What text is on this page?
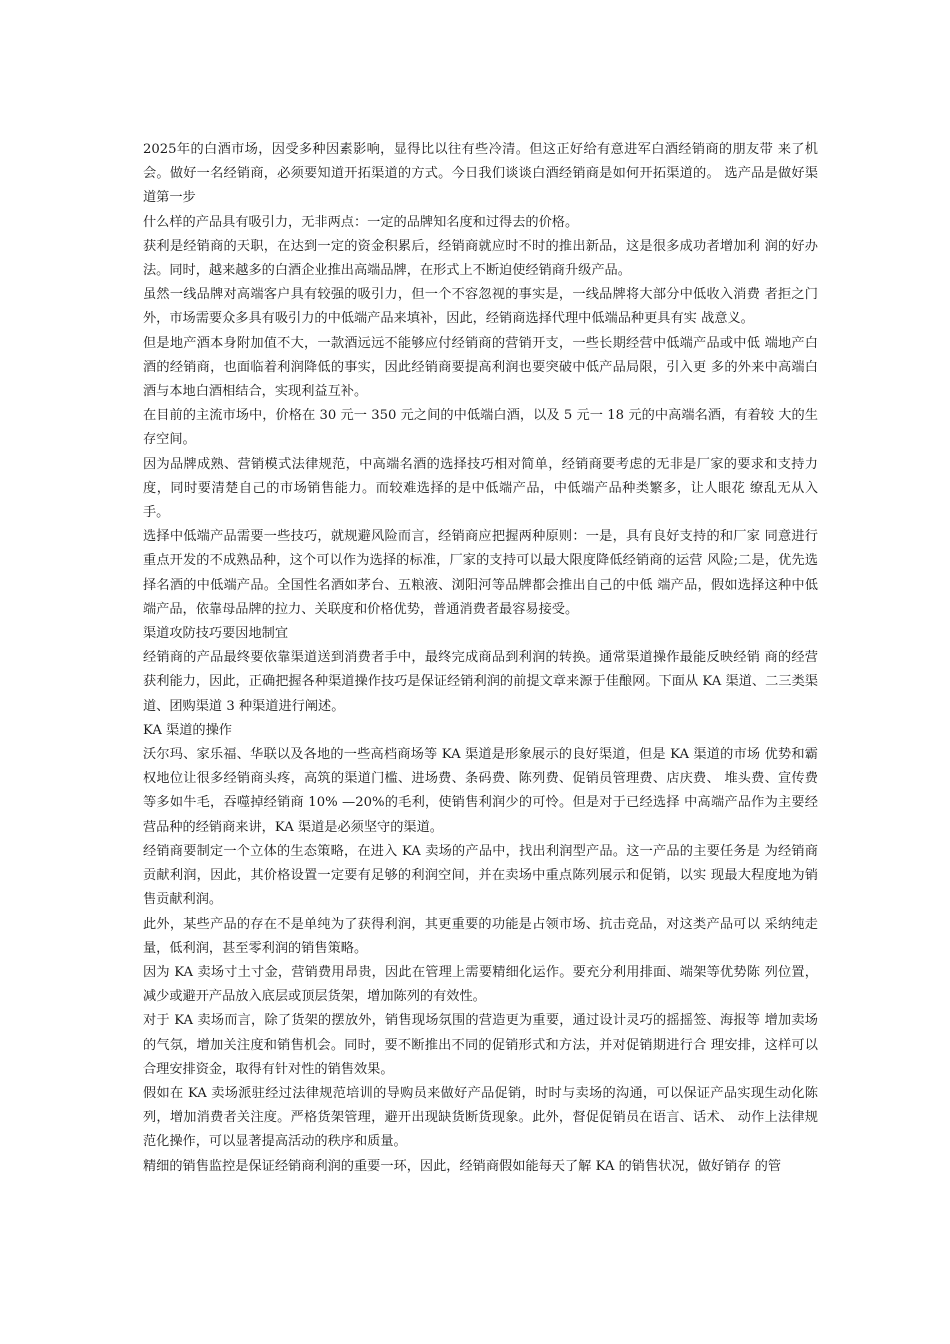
2025年的白酒市场，因受多种因素影响，显得比以往有些冷清。但这正好给有意进军白酒经销商的朋友带 来了机会。做好一名经销商，必须要知道开拓渠道的方式。今日我们谈谈白酒经销商是如何开拓渠道的。 选产品是做好渠道第一步

什么样的产品具有吸引力，无非两点：一定的品牌知名度和过得去的价格。

获利是经销商的天职，在达到一定的资金积累后，经销商就应时不时的推出新品，这是很多成功者增加利 润的好办法。同时，越来越多的白酒企业推出高端品牌，在形式上不断迫使经销商升级产品。

虽然一线品牌对高端客户具有较强的吸引力，但一个不容忽视的事实是，一线品牌将大部分中低收入消费 者拒之门外，市场需要众多具有吸引力的中低端产品来填补，因此，经销商选择代理中低端品种更具有实 战意义。

但是地产酒本身附加值不大，一款酒远远不能够应付经销商的营销开支，一些长期经营中低端产品或中低 端地产白酒的经销商，也面临着利润降低的事实，因此经销商要提高利润也要突破中低产品局限，引入更 多的外来中高端白酒与本地白酒相结合，实现利益互补。

在目前的主流市场中，价格在 30 元一 350 元之间的中低端白酒，以及 5 元一 18 元的中高端名酒，有着较 大的生存空间。

因为品牌成熟、营销模式法律规范，中高端名酒的选择技巧相对简单，经销商要考虑的无非是厂家的要求和支持力度，同时要清楚自己的市场销售能力。而较难选择的是中低端产品，中低端产品种类繁多，让人眼花 缭乱无从入手。

选择中低端产品需要一些技巧，就规避风险而言，经销商应把握两种原则：一是，具有良好支持的和厂家 同意进行重点开发的不成熟品种，这个可以作为选择的标准，厂家的支持可以最大限度降低经销商的运营 风险;二是，优先选择名酒的中低端产品。全国性名酒如茅台、五粮液、浏阳河等品牌都会推出自己的中低 端产品，假如选择这种中低端产品，依靠母品牌的拉力、关联度和价格优势，普通消费者最容易接受。

渠道攻防技巧要因地制宜

经销商的产品最终要依靠渠道送到消费者手中，最终完成商品到利润的转换。通常渠道操作最能反映经销 商的经营获利能力，因此，正确把握各种渠道操作技巧是保证经销利润的前提文章来源于佳酿网。下面从 KA 渠道、二三类渠道、团购渠道 3 种渠道进行阐述。

KA 渠道的操作

沃尔玛、家乐福、华联以及各地的一些高档商场等 KA 渠道是形象展示的良好渠道，但是 KA 渠道的市场 优势和霸权地位让很多经销商头疼，高筑的渠道门槛、进场费、条码费、陈列费、促销员管理费、店庆费、 堆头费、宣传费等多如牛毛，吞噬掉经销商 10% —20%的毛利，使销售利润少的可怜。但是对于已经选择 中高端产品作为主要经营品种的经销商来讲，KA 渠道是必须坚守的渠道。

经销商要制定一个立体的生态策略，在进入 KA 卖场的产品中，找出利润型产品。这一产品的主要任务是 为经销商贡献利润，因此，其价格设置一定要有足够的利润空间，并在卖场中重点陈列展示和促销，以实 现最大程度地为销售贡献利润。

此外，某些产品的存在不是单纯为了获得利润，其更重要的功能是占领市场、抗击竞品，对这类产品可以 采纳纯走量，低利润，甚至零利润的销售策略。

因为 KA 卖场寸土寸金，营销费用昂贵，因此在管理上需要精细化运作。要充分利用排面、端架等优势陈 列位置，减少或避开产品放入底层或顶层货架，增加陈列的有效性。

对于 KA 卖场而言，除了货架的摆放外，销售现场氛围的营造更为重要，通过设计灵巧的摇摇签、海报等 增加卖场的气氛，增加关注度和销售机会。同时，要不断推出不同的促销形式和方法，并对促销期进行合 理安排，这样可以合理安排资金，取得有针对性的销售效果。

假如在 KA 卖场派驻经过法律规范培训的导购员来做好产品促销，时时与卖场的沟通，可以保证产品实现生动化陈列，增加消费者关注度。严格货架管理，避开出现缺货断货现象。此外，督促促销员在语言、话术、 动作上法律规范化操作，可以显著提高活动的秩序和质量。

精细的销售监控是保证经销商利润的重要一环，因此，经销商假如能每天了解 KA 的销售状况，做好销存 的管
